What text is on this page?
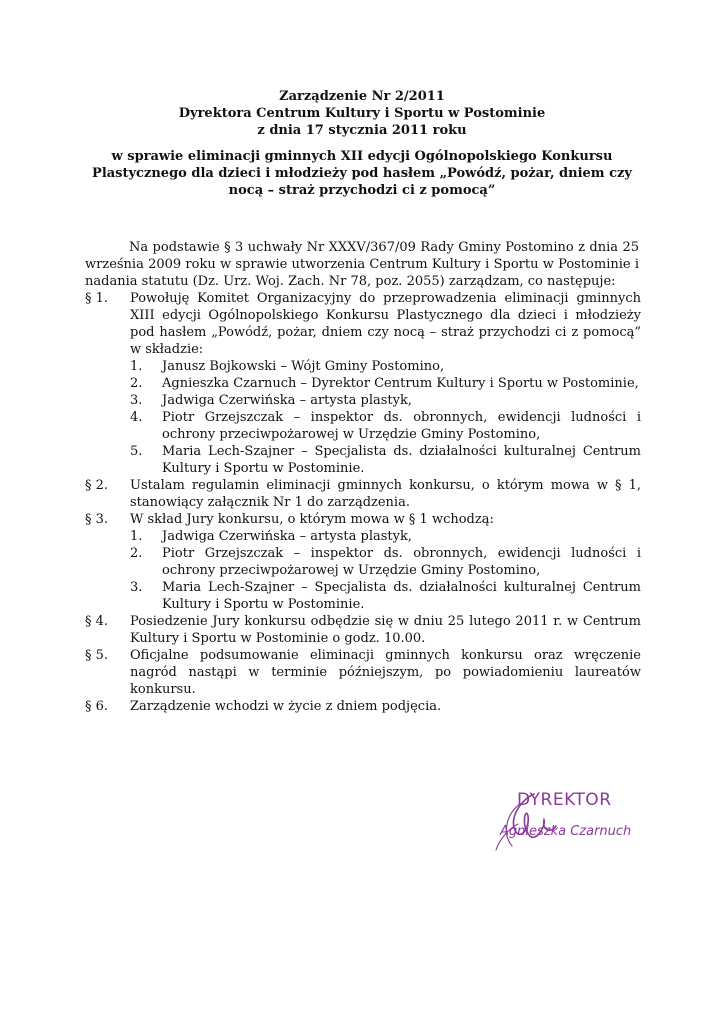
Zarządzenie Nr 2/2011
Dyrektora Centrum Kultury i Sportu w Postominie
z dnia 17 stycznia 2011 roku
w sprawie eliminacji gminnych XII edycji Ogólnopolskiego Konkursu
Plastycznego dla dzieci i młodzieży pod hasłem „Powódź, pożar, dniem czy
nocą – straż przychodzi ci z pomocą”
Na podstawie § 3 uchwały Nr XXXV/367/09 Rady Gminy Postomino z dnia 25 września 2009 roku w sprawie utworzenia Centrum Kultury i Sportu w Postominie i nadania statutu (Dz. Urz. Woj. Zach. Nr 78, poz. 2055) zarządzam, co następuje:
§ 1.	Powołuję Komitet Organizacyjny do przeprowadzenia eliminacji gminnych XIII edycji Ogólnopolskiego Konkursu Plastycznego dla dzieci i młodzieży pod hasłem „Powódź, pożar, dniem czy nocą – straż przychodzi ci z pomocą” w składzie:
1.	Janusz Bojkowski – Wójt Gminy Postomino,
2.	Agnieszka Czarnuch – Dyrektor Centrum Kultury i Sportu w Postominie,
3.	Jadwiga Czerwińska – artysta plastyk,
4.	Piotr Grzejszczak – inspektor ds. obronnych, ewidencji ludności i ochrony przeciwpożarowej w Urzędzie Gminy Postomino,
5.	Maria Lech-Szajner – Specjalista ds. działalności kulturalnej Centrum Kultury i Sportu w Postominie.
§ 2.	Ustalam regulamin eliminacji gminnych konkursu, o którym mowa w § 1, stanowiący załącznik Nr 1 do zarządzenia.
§ 3.	W skład Jury konkursu, o którym mowa w § 1 wchodzą:
1.	Jadwiga Czerwińska – artysta plastyk,
2.	Piotr Grzejszczak – inspektor ds. obronnych, ewidencji ludności i ochrony przeciwpożarowej w Urzędzie Gminy Postomino,
3.	Maria Lech-Szajner – Specjalista ds. działalności kulturalnej Centrum Kultury i Sportu w Postominie.
§ 4.	Posiedzenie Jury konkursu odbędzie się w dniu 25 lutego 2011 r. w Centrum Kultury i Sportu w Postominie o godz. 10.00.
§ 5.	Oficjalne podsumowanie eliminacji gminnych konkursu oraz wręczenie nagród nastąpi w terminie późniejszym, po powiadomieniu laureatów konkursu.
§ 6.	Zarządzenie wchodzi w życie z dniem podjęcia.
DYREKTOR
Agnieszka Czarnuch
